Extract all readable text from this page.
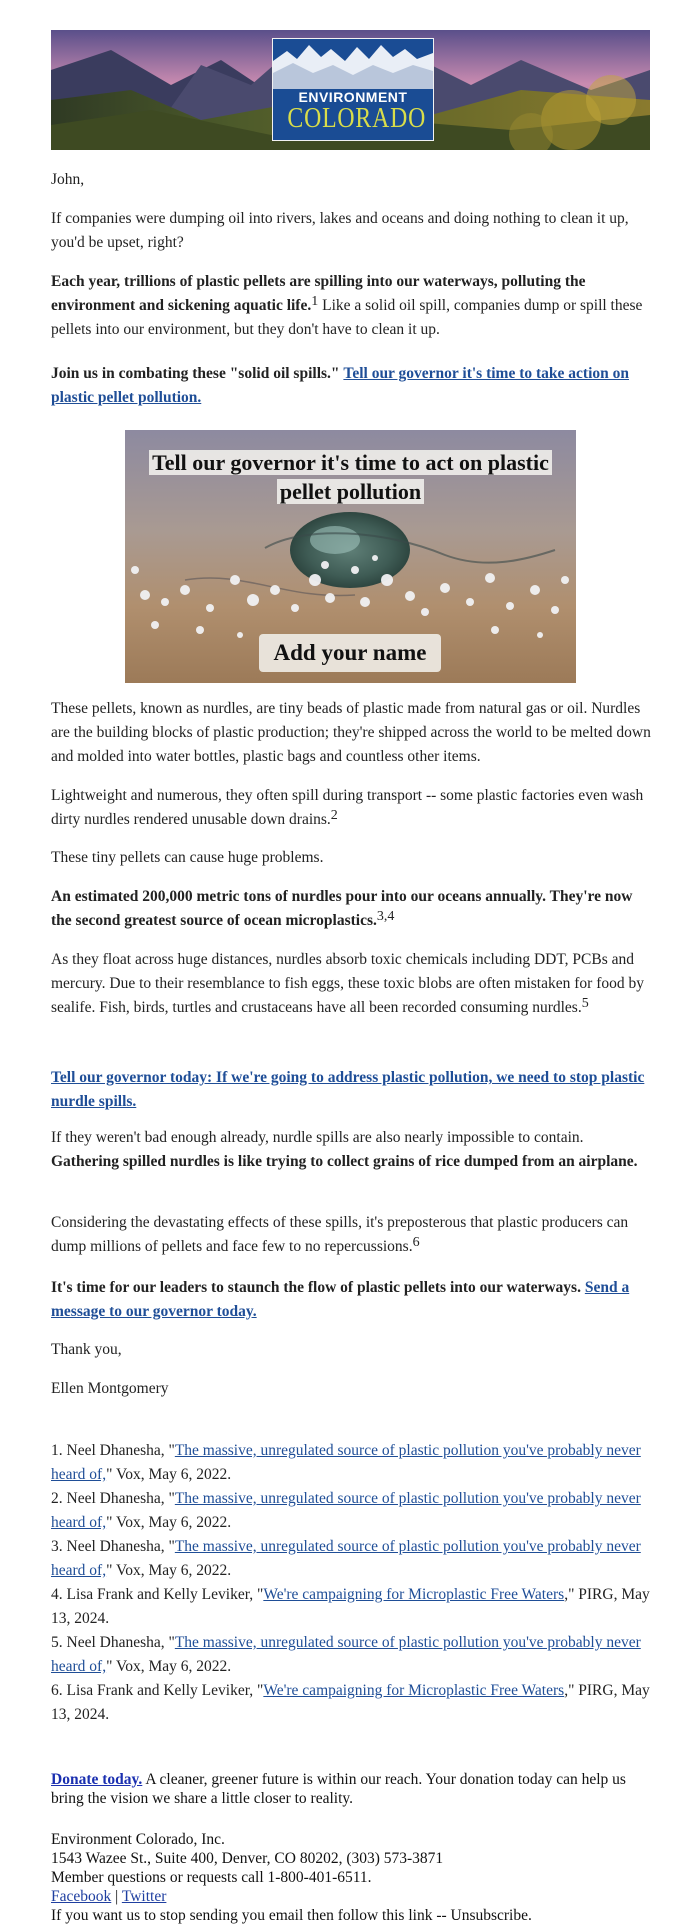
ENVIRONMENT
COLORADO

John,

If companies were dumping oil into rivers, lakes and oceans and doing nothing to clean it up, you'd be upset, right?

Each year, trillions of plastic pellets are spilling into our waterways, polluting the environment and sickening aquatic life.$^1$ Like a solid oil spill, companies dump or spill these pellets into our environment, but they don't have to clean it up.

Join us in combating these "solid oil spills." Tell our governor it's time to take action on plastic pellet pollution.

Tell our governor it's time to act on plastic pellet pollution
Add your name

These pellets, known as nurdles, are tiny beads of plastic made from natural gas or oil. Nurdles are the building blocks of plastic production; they're shipped across the world to be melted down and molded into water bottles, plastic bags and countless other items.

Lightweight and numerous, they often spill during transport -- some plastic factories even wash dirty nurdles rendered unusable down drains.$^2$

These tiny pellets can cause huge problems.

An estimated 200,000 metric tons of nurdles pour into our oceans annually. They're now the second greatest source of ocean microplastics.$^{3,4}$

As they float across huge distances, nurdles absorb toxic chemicals including DDT, PCBs and mercury. Due to their resemblance to fish eggs, these toxic blobs are often mistaken for food by sealife. Fish, birds, turtles and crustaceans have all been recorded consuming nurdles.$^5$

Tell our governor today: If we're going to address plastic pollution, we need to stop plastic nurdle spills.

If they weren't bad enough already, nurdle spills are also nearly impossible to contain. Gathering spilled nurdles is like trying to collect grains of rice dumped from an airplane.

Considering the devastating effects of these spills, it's preposterous that plastic producers can dump millions of pellets and face few to no repercussions.$^6$

It's time for our leaders to staunch the flow of plastic pellets into our waterways. Send a message to our governor today.

Thank you,

Ellen Montgomery

1. Neel Dhanesha, "The massive, unregulated source of plastic pollution you've probably never heard of," Vox, May 6, 2022.

2. Neel Dhanesha, "The massive, unregulated source of plastic pollution you've probably never heard of," Vox, May 6, 2022.

3. Neel Dhanesha, "The massive, unregulated source of plastic pollution you've probably never heard of," Vox, May 6, 2022.

4. Lisa Frank and Kelly Leviker, "We're campaigning for Microplastic Free Waters," PIRG, May 13, 2024.

5. Neel Dhanesha, "The massive, unregulated source of plastic pollution you've probably never heard of," Vox, May 6, 2022.

6. Lisa Frank and Kelly Leviker, "We're campaigning for Microplastic Free Waters," PIRG, May 13, 2024.

Donate today. A cleaner, greener future is within our reach. Your donation today can help us bring the vision we share a little closer to reality.
Environment Colorado, Inc.
1543 Wazee St., Suite 400, Denver, CO 80202, (303) 573-3871
Member questions or requests call 1-800-401-6511.
Facebook | Twitter
If you want us to stop sending you email then follow this link -- Unsubscribe.
